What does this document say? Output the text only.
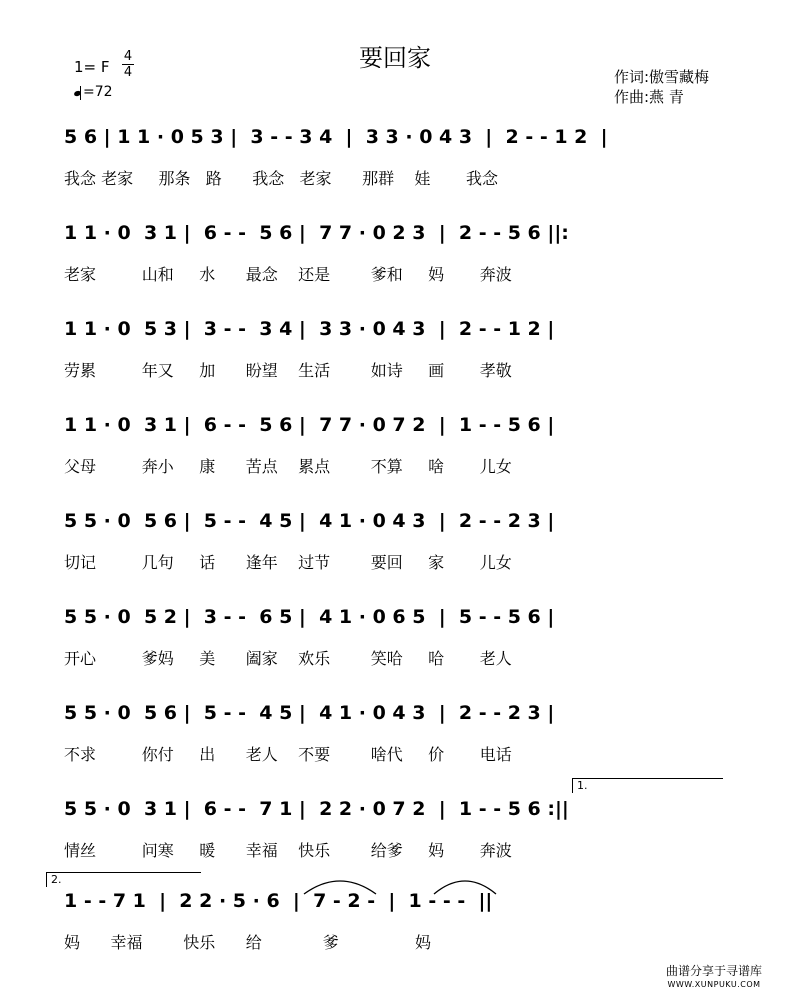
要回家
作词:傲雪藏梅
作曲:燕 青
1= F
4
4
=72
5 6 | 1 1 · 0 5 3 |  3 - - 3 4  |  3 3 · 0 4 3  |  2 - - 1 2  |
我念 老家     那条   路      我念   老家      那群    娃       我念
1 1 · 0  3 1 |  6 - -  5 6 |  7 7 · 0 2 3  |  2 - - 5 6 ||:
老家         山和     水      最念    还是        爹和     妈       奔波
1 1 · 0  5 3 |  3 - -  3 4 |  3 3 · 0 4 3  |  2 - - 1 2 |
劳累         年又     加      盼望    生活        如诗     画       孝敬
1 1 · 0  3 1 |  6 - -  5 6 |  7 7 · 0 7 2  |  1 - - 5 6 |
父母         奔小     康      苦点    累点        不算     啥       儿女
5 5 · 0  5 6 |  5 - -  4 5 |  4 1 · 0 4 3  |  2 - - 2 3 |
切记         几句     话      逢年    过节        要回     家       儿女
5 5 · 0  5 2 |  3 - -  6 5 |  4 1 · 0 6 5  |  5 - - 5 6 |
开心         爹妈     美      阖家    欢乐        笑哈     哈       老人
5 5 · 0  5 6 |  5 - -  4 5 |  4 1 · 0 4 3  |  2 - - 2 3 |
不求         你付     出      老人    不要        啥代     价       电话
5 5 · 0  3 1 |  6 - -  7 1 |  2 2 · 0 7 2  |  1 - - 5 6 :||
情丝         问寒     暖      幸福    快乐        给爹     妈       奔波
1 - - 7 1  |  2 2 · 5 · 6  |  7 - 2 -  |  1 - - -  ||
妈      幸福        快乐      给            爹               妈
1.
2.
曲谱分享于寻谱库
WWW.XUNPUKU.COM
